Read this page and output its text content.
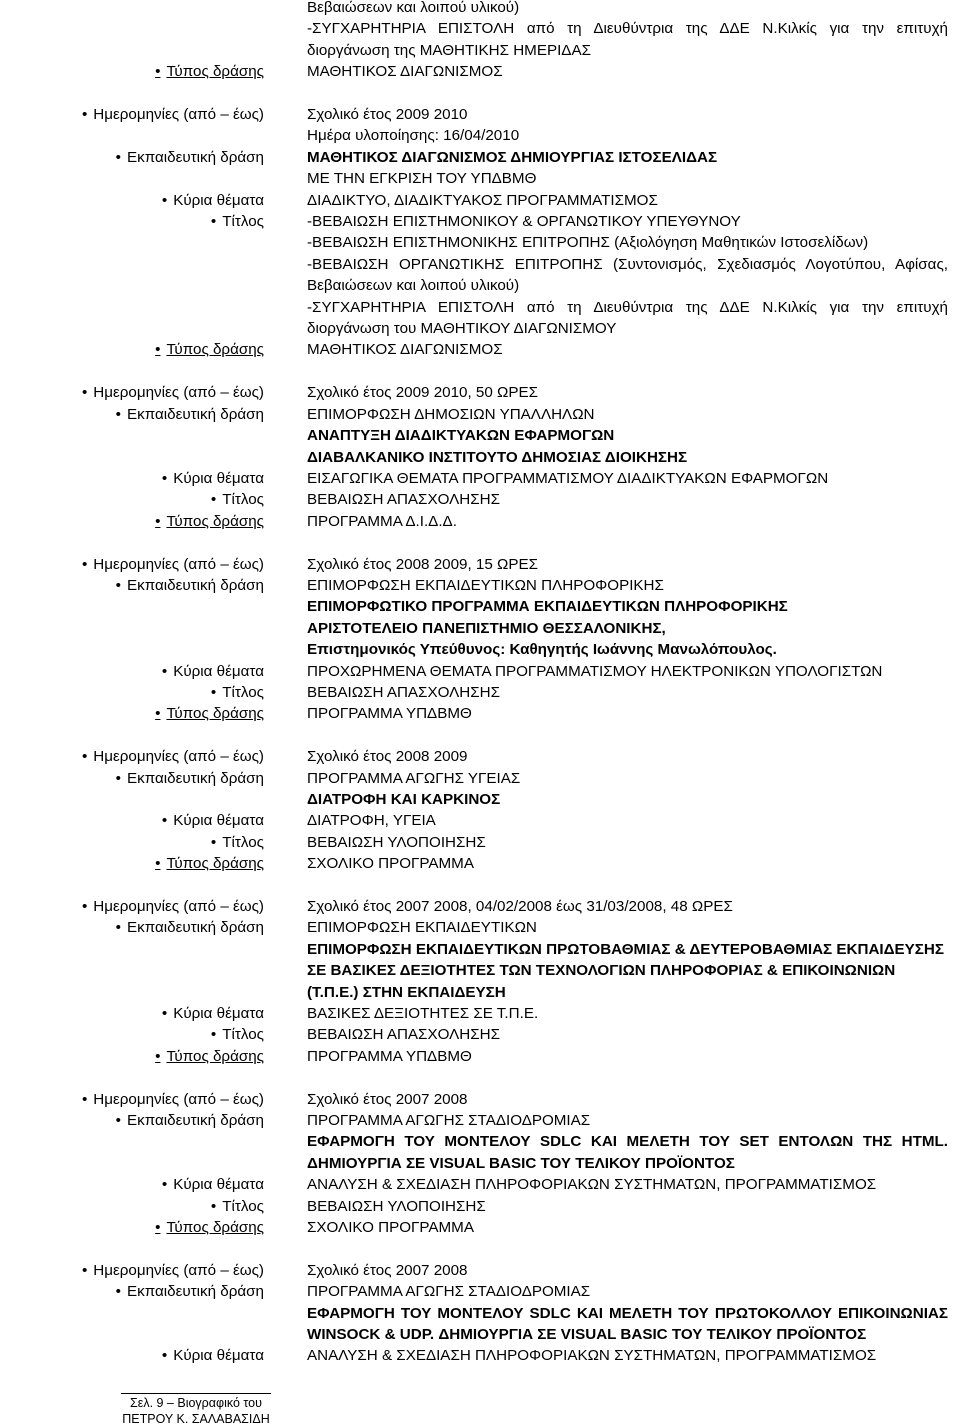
Βεβαιώσεων και λοιπού υλικού)
-ΣΥΓΧΑΡΗΤΗΡΙΑ ΕΠΙΣΤΟΛΗ από τη Διευθύντρια της ΔΔΕ Ν.Κιλκίς για την επιτυχή διοργάνωση της ΜΑΘΗΤΙΚΗΣ ΗΜΕΡΙΔΑΣ
• Τύπος δράσης	ΜΑΘΗΤΙΚΟΣ ΔΙΑΓΩΝΙΣΜΟΣ
• Ημερομηνίες (από – έως)	Σχολικό έτος 2009 2010
Ημέρα υλοποίησης: 16/04/2010
• Εκπαιδευτική δράση	ΜΑΘΗΤΙΚΟΣ ΔΙΑΓΩΝΙΣΜΟΣ ΔΗΜΙΟΥΡΓΙΑΣ ΙΣΤΟΣΕΛΙΔΑΣ
ΜΕ ΤΗΝ ΕΓΚΡΙΣΗ ΤΟΥ ΥΠΔΒΜΘ
• Κύρια θέματα	ΔΙΑΔΙΚΤΥΟ, ΔΙΑΔΙΚΤΥΑΚΟΣ ΠΡΟΓΡΑΜΜΑΤΙΣΜΟΣ
• Τίτλος	-ΒΕΒΑΙΩΣΗ ΕΠΙΣΤΗΜΟΝΙΚΟΥ & ΟΡΓΑΝΩΤΙΚΟΥ ΥΠΕΥΘΥΝΟΥ
-ΒΕΒΑΙΩΣΗ ΕΠΙΣΤΗΜΟΝΙΚΗΣ ΕΠΙΤΡΟΠΗΣ (Αξιολόγηση Μαθητικών Ιστοσελίδων)
-ΒΕΒΑΙΩΣΗ ΟΡΓΑΝΩΤΙΚΗΣ ΕΠΙΤΡΟΠΗΣ (Συντονισμός, Σχεδιασμός Λογοτύπου, Αφίσας, Βεβαιώσεων και λοιπού υλικού)
-ΣΥΓΧΑΡΗΤΗΡΙΑ ΕΠΙΣΤΟΛΗ από τη Διευθύντρια της ΔΔΕ Ν.Κιλκίς για την επιτυχή διοργάνωση του ΜΑΘΗΤΙΚΟΥ ΔΙΑΓΩΝΙΣΜΟΥ
• Τύπος δράσης	ΜΑΘΗΤΙΚΟΣ ΔΙΑΓΩΝΙΣΜΟΣ
• Ημερομηνίες (από – έως)	Σχολικό έτος 2009 2010, 50 ΩΡΕΣ
• Εκπαιδευτική δράση	ΕΠΙΜΟΡΦΩΣΗ ΔΗΜΟΣΙΩΝ ΥΠΑΛΛΗΛΩΝ
ΑΝΑΠΤΥΞΗ ΔΙΑΔΙΚΤΥΑΚΩΝ ΕΦΑΡΜΟΓΩΝ
ΔΙΑΒΑΛΚΑΝΙΚΟ ΙΝΣΤΙΤΟΥΤΟ ΔΗΜΟΣΙΑΣ ΔΙΟΙΚΗΣΗΣ
• Κύρια θέματα	ΕΙΣΑΓΩΓΙΚΑ ΘΕΜΑΤΑ ΠΡΟΓΡΑΜΜΑΤΙΣΜΟΥ ΔΙΑΔΙΚΤΥΑΚΩΝ ΕΦΑΡΜΟΓΩΝ
• Τίτλος	ΒΕΒΑΙΩΣΗ ΑΠΑΣΧΟΛΗΣΗΣ
• Τύπος δράσης	ΠΡΟΓΡΑΜΜΑ Δ.Ι.Δ.Δ.
• Ημερομηνίες (από – έως)	Σχολικό έτος 2008 2009, 15 ΩΡΕΣ
• Εκπαιδευτική δράση	ΕΠΙΜΟΡΦΩΣΗ ΕΚΠΑΙΔΕΥΤΙΚΩΝ ΠΛΗΡΟΦΟΡΙΚΗΣ
ΕΠΙΜΟΡΦΩΤΙΚΟ ΠΡΟΓΡΑΜΜΑ ΕΚΠΑΙΔΕΥΤΙΚΩΝ ΠΛΗΡΟΦΟΡΙΚΗΣ
ΑΡΙΣΤΟΤΕΛΕΙΟ ΠΑΝΕΠΙΣΤΗΜΙΟ ΘΕΣΣΑΛΟΝΙΚΗΣ,
Επιστημονικός Υπεύθυνος: Καθηγητής Ιωάννης Μανωλόπουλος.
• Κύρια θέματα	ΠΡΟΧΩΡΗΜΕΝΑ ΘΕΜΑΤΑ ΠΡΟΓΡΑΜΜΑΤΙΣΜΟΥ ΗΛΕΚΤΡΟΝΙΚΩΝ ΥΠΟΛΟΓΙΣΤΩΝ
• Τίτλος	ΒΕΒΑΙΩΣΗ ΑΠΑΣΧΟΛΗΣΗΣ
• Τύπος δράσης	ΠΡΟΓΡΑΜΜΑ ΥΠΔΒΜΘ
• Ημερομηνίες (από – έως)	Σχολικό έτος 2008 2009
• Εκπαιδευτική δράση	ΠΡΟΓΡΑΜΜΑ ΑΓΩΓΗΣ ΥΓΕΙΑΣ
ΔΙΑΤΡΟΦΗ ΚΑΙ ΚΑΡΚΙΝΟΣ
• Κύρια θέματα	ΔΙΑΤΡΟΦΗ, ΥΓΕΙΑ
• Τίτλος	ΒΕΒΑΙΩΣΗ ΥΛΟΠΟΙΗΣΗΣ
• Τύπος δράσης	ΣΧΟΛΙΚΟ ΠΡΟΓΡΑΜΜΑ
• Ημερομηνίες (από – έως)	Σχολικό έτος 2007 2008, 04/02/2008 έως 31/03/2008, 48 ΩΡΕΣ
• Εκπαιδευτική δράση	ΕΠΙΜΟΡΦΩΣΗ ΕΚΠΑΙΔΕΥΤΙΚΩΝ
ΕΠΙΜΟΡΦΩΣΗ ΕΚΠΑΙΔΕΥΤΙΚΩΝ ΠΡΩΤΟΒΑΘΜΙΑΣ & ΔΕΥΤΕΡΟΒΑΘΜΙΑΣ ΕΚΠΑΙΔΕΥΣΗΣ ΣΕ ΒΑΣΙΚΕΣ ΔΕΞΙΟΤΗΤΕΣ ΤΩΝ ΤΕΧΝΟΛΟΓΙΩΝ ΠΛΗΡΟΦΟΡΙΑΣ & ΕΠΙΚΟΙΝΩΝΙΩΝ (Τ.Π.Ε.) ΣΤΗΝ ΕΚΠΑΙΔΕΥΣΗ
• Κύρια θέματα	ΒΑΣΙΚΕΣ ΔΕΞΙΟΤΗΤΕΣ ΣΕ Τ.Π.Ε.
• Τίτλος	ΒΕΒΑΙΩΣΗ ΑΠΑΣΧΟΛΗΣΗΣ
• Τύπος δράσης	ΠΡΟΓΡΑΜΜΑ ΥΠΔΒΜΘ
• Ημερομηνίες (από – έως)	Σχολικό έτος 2007 2008
• Εκπαιδευτική δράση	ΠΡΟΓΡΑΜΜΑ ΑΓΩΓΗΣ ΣΤΑΔΙΟΔΡΟΜΙΑΣ
ΕΦΑΡΜΟΓΗ ΤΟΥ ΜΟΝΤΕΛΟΥ SDLC ΚΑΙ ΜΕΛΕΤΗ ΤΟΥ SET ΕΝΤΟΛΩΝ ΤΗΣ HTML. ΔΗΜΙΟΥΡΓΙΑ ΣΕ VISUAL BASIC ΤΟΥ ΤΕΛΙΚΟΥ ΠΡΟΪΟΝΤΟΣ
• Κύρια θέματα	ΑΝΑΛΥΣΗ & ΣΧΕΔΙΑΣΗ ΠΛΗΡΟΦΟΡΙΑΚΩΝ ΣΥΣΤΗΜΑΤΩΝ, ΠΡΟΓΡΑΜΜΑΤΙΣΜΟΣ
• Τίτλος	ΒΕΒΑΙΩΣΗ ΥΛΟΠΟΙΗΣΗΣ
• Τύπος δράσης	ΣΧΟΛΙΚΟ ΠΡΟΓΡΑΜΜΑ
• Ημερομηνίες (από – έως)	Σχολικό έτος 2007 2008
• Εκπαιδευτική δράση	ΠΡΟΓΡΑΜΜΑ ΑΓΩΓΗΣ ΣΤΑΔΙΟΔΡΟΜΙΑΣ
ΕΦΑΡΜΟΓΗ ΤΟΥ ΜΟΝΤΕΛΟΥ SDLC ΚΑΙ ΜΕΛΕΤΗ ΤΟΥ ΠΡΩΤΟΚΟΛΛΟΥ ΕΠΙΚΟΙΝΩΝΙΑΣ WINSOCK & UDP. ΔΗΜΙΟΥΡΓΙΑ ΣΕ VISUAL BASIC ΤΟΥ ΤΕΛΙΚΟΥ ΠΡΟΪΟΝΤΟΣ
• Κύρια θέματα	ΑΝΑΛΥΣΗ & ΣΧΕΔΙΑΣΗ ΠΛΗΡΟΦΟΡΙΑΚΩΝ ΣΥΣΤΗΜΑΤΩΝ, ΠΡΟΓΡΑΜΜΑΤΙΣΜΟΣ
Σελ. 9 – Βιογραφικό του
ΠΕΤΡΟΥ Κ. ΣΑΛΑΒΑΣΙΔΗ
